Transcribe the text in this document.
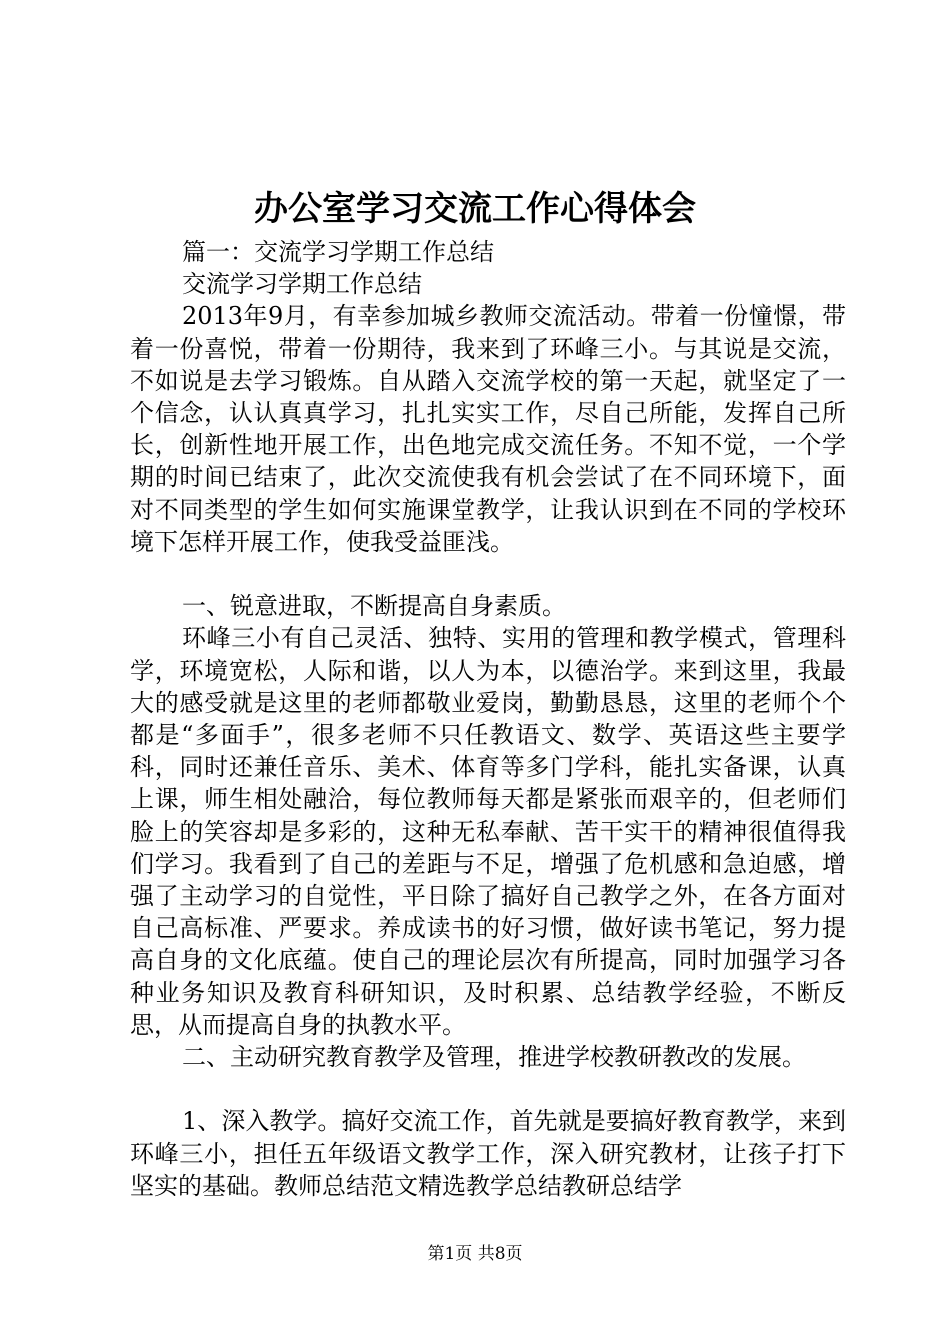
办公室学习交流工作心得体会

篇一：交流学习学期工作总结

交流学习学期工作总结

2013年9月，有幸参加城乡教师交流活动。带着一份憧憬，带着一份喜悦，带着一份期待，我来到了环峰三小。与其说是交流，不如说是去学习锻炼。自从踏入交流学校的第一天起，就坚定了一个信念，认认真真学习，扎扎实实工作，尽自己所能，发挥自己所长，创新性地开展工作，出色地完成交流任务。不知不觉，一个学期的时间已结束了，此次交流使我有机会尝试了在不同环境下，面对不同类型的学生如何实施课堂教学，让我认识到在不同的学校环境下怎样开展工作，使我受益匪浅。

一、锐意进取，不断提高自身素质。

环峰三小有自己灵活、独特、实用的管理和教学模式，管理科学，环境宽松，人际和谐，以人为本，以德治学。来到这里，我最大的感受就是这里的老师都敬业爱岗，勤勤恳恳，这里的老师个个都是“多面手”，很多老师不只任教语文、数学、英语这些主要学科，同时还兼任音乐、美术、体育等多门学科，能扎实备课，认真上课，师生相处融洽，每位教师每天都是紧张而艰辛的，但老师们脸上的笑容却是多彩的，这种无私奉献、苦干实干的精神很值得我们学习。我看到了自己的差距与不足，增强了危机感和急迫感，增强了主动学习的自觉性，平日除了搞好自己教学之外，在各方面对自己高标准、严要求。养成读书的好习惯，做好读书笔记，努力提高自身的文化底蕴。使自己的理论层次有所提高，同时加强学习各种业务知识及教育科研知识，及时积累、总结教学经验，不断反思，从而提高自身的执教水平。

二、主动研究教育教学及管理，推进学校教研教改的发展。

1、深入教学。搞好交流工作，首先就是要搞好教育教学，来到环峰三小，担任五年级语文教学工作，深入研究教材，让孩子打下坚实的基础。教师总结范文精选教学总结教研总结学

第1页 共8页
